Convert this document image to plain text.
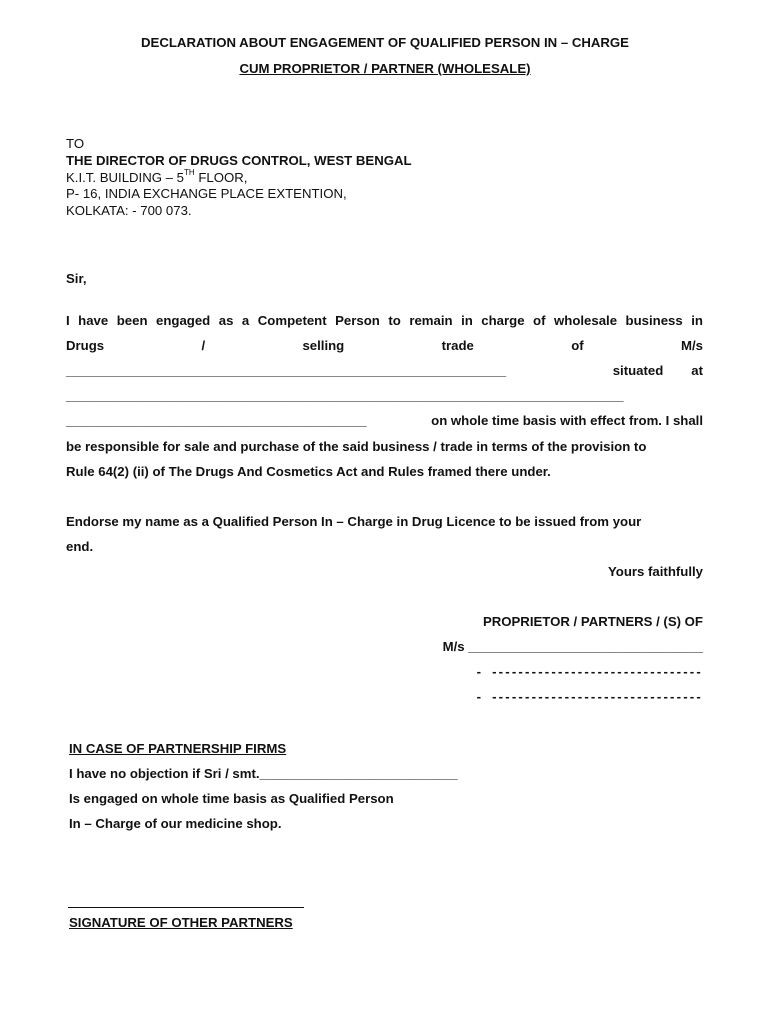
DECLARATION ABOUT ENGAGEMENT OF QUALIFIED PERSON IN – CHARGE
CUM PROPRIETOR / PARTNER (WHOLESALE)
TO
THE DIRECTOR OF DRUGS CONTROL, WEST BENGAL
K.I.T. BUILDING – 5TH FLOOR,
P- 16, INDIA EXCHANGE PLACE EXTENTION,
KOLKATA: - 700 073.
Sir,
I have been engaged as a Competent Person to remain in charge of wholesale business in
Drugs	/	selling	trade	of	M/s
____________________________________________________________	situated at
____________________________________________________________________________
_________________________________________	on whole time basis with effect from. I shall
be responsible for sale and purchase of the said business / trade in terms of the provision to
Rule 64(2) (ii) of The Drugs And Cosmetics Act and Rules framed there under.
Endorse my name as a Qualified Person In – Charge in Drug Licence to be issued from your
end.
Yours faithfully
PROPRIETOR / PARTNERS / (S) OF
M/s ________________________________
- --------------------------------
- --------------------------------
IN CASE OF PARTNERSHIP FIRMS
I have no objection if Sri / smt.___________________________
Is engaged on whole time basis as Qualified Person
In – Charge of our medicine shop.
SIGNATURE OF OTHER PARTNERS
